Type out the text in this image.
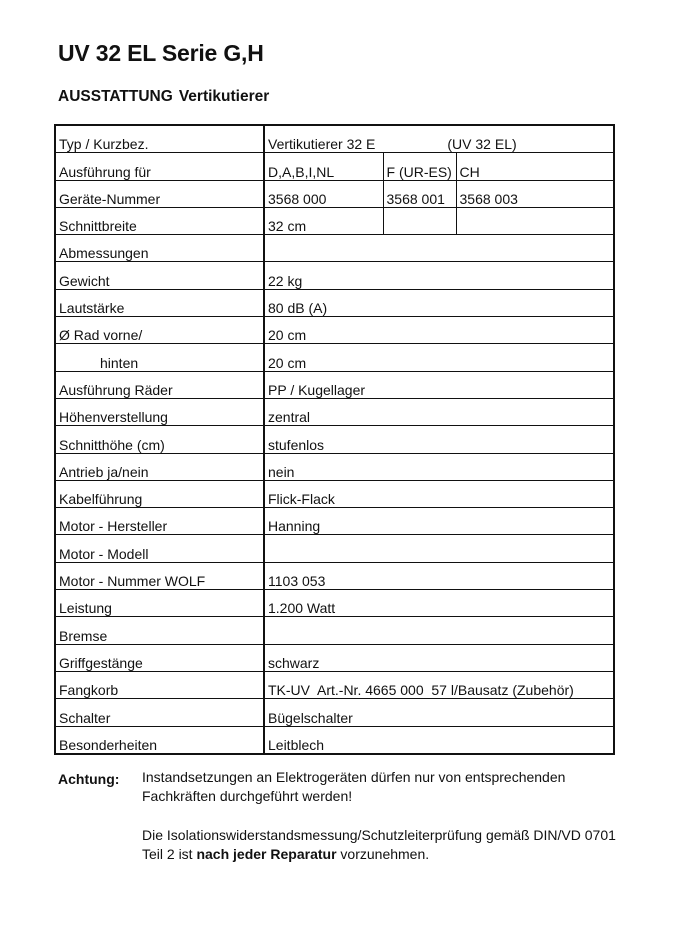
UV 32 EL Serie G,H
AUSSTATTUNG Vertikutierer
Typ / Kurzbez.	Vertikutierer 32 E (UV 32 EL)		
Ausführung für	D,A,B,I,NL	F (UR-ES)	CH
Geräte-Nummer	3568 000	3568 001	3568 003
Schnittbreite	32 cm		
Abmessungen			
Gewicht	22 kg		
Lautstärke	80 dB (A)		
Ø Rad vorne/	20 cm		
hinten	20 cm		
Ausführung Räder	PP / Kugellager		
Höhenverstellung	zentral		
Schnitthöhe (cm)	stufenlos		
Antrieb ja/nein	nein		
Kabelführung	Flick-Flack		
Motor - Hersteller	Hanning		
Motor - Modell			
Motor - Nummer WOLF	1103 053		
Leistung	1.200 Watt		
Bremse			
Griffgestänge	schwarz		
Fangkorb	TK-UV  Art.-Nr. 4665 000  57 l/Bausatz (Zubehör)		
Schalter	Bügelschalter		
Besonderheiten	Leitblech		
Achtung: Instandsetzungen an Elektrogeräten dürfen nur von entsprechenden Fachkräften durchgeführt werden!

Die Isolationswiderstandsmessung/Schutzleiterprüfung gemäß DIN/VD 0701 Teil 2 ist nach jeder Reparatur vorzunehmen.
